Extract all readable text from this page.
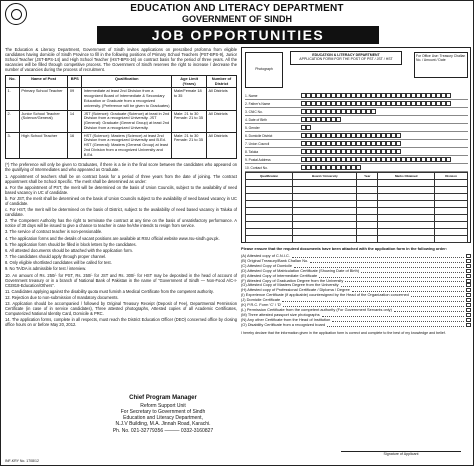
EDUCATION AND LITERACY DEPARTMENT
GOVERNMENT OF SINDH
JOB OPPORTUNITIES
The Education & Literacy Department, Government of Sindh invites applications on prescribed proforma from eligible candidates having domicile of Sindh Province to fill in the following positions of Primary School Teachers (PST-BPS-9), Junior School Teacher (JST-BPS-14) and High School Teacher (HST-BPS-16) on contract basis for the period of three years. All the vacancies will be filled through competitive process. The Government of Sindh reserves the right to increase / decrease the number of vacancies during the process of recruitment.
No.	Name of Post	BPS	Qualification	Age Limit (Years)	Number of District
1.	Primary School Teacher	09	Intermediate at least 2nd Division from a recognized Board of Intermediate & Secondary Education or Graduate from a recognized university. (Preference will be given to Graduates)	Male/Female 18 to 35	All Districts
2.	Junior School Teacher (Science/General)	14	JST (Science): Graduate (Science) at least in 2nd Division from a recognized University. JST (General): Graduate (General Group) at least 2nd Division from a recognized University.	Male: 21 to 30 Female: 21 to 35	All Districts
3.	High School Teacher	16	HST (Science): Masters (Science) at least 2nd Division from a recognized University and B.Ed. HST (General): Masters (General Group) at least 2nd Division from a recognized University and B.Ed.	Male: 21 to 30 Female: 21 to 35	All Districts
(*) The preference will only be given to Graduates, if there is a tie in the final score between the candidates who appeared on the qualifying of Intermediates and who appeared as Graduate.
1. Appointment of teachers shall be on contract basis for a period of three years from the date of joining. The contract appointment shall be School Specific. The merit shall be determined as under:
a. For the appointment of PST, the merit will be determined on the basis of Union Councils, subject to the availability of need based vacancy in UC of candidate.
b. For JST, the merit shall be determined on the basis of Union Councils subject to the availability of need based vacancy in UC of candidate.
c. For HST, the merit will be determined on the basis of District, subject to the availability of need based vacancy in Taluka of candidate.
2. The Competent Authority has the right to terminate the contract at any time on the basis of unsatisfactory performance. A notice of 30 days will be issued to give a chance to teacher in case he/she intends to resign from service.
3. The service of contract teacher is non-pensionable.
4. The application forms and the details of vacant positions are available at RSU official website www.rsu-sindh.gov.pk.
5. The application form should be filled in block letters by the candidates.
6. All attested documents should be attached with the application form.
7. The candidates should apply through proper channel.
8. Only eligible shortlisted candidates will be called for test.
9. No TA/DA is admissible for test / interview.
10. An amount of Rs. 250/- for PST, Rs. 250/- for JST and Rs. 300/- for HST may be deposited in the head of account of Government treasury or in a branch of National Bank of Pakistan in the name of "Government of Sindh — Non-Food A/C-I-C02818-Education/Others".
11. Candidates applying against the disability quota must furnish a Medical Certificate from the competent authority.
12. Rejection due to non-submission of mandatory documents.
13. Application should be accompanied / followed by Original Treasury Receipt (Deposit of Fee), Departmental Permission Certificate (in case of in service candidates), Three attested photographs, Attested copies of all Academic Certificates, Computerized National Identity Card, Domicile & PRC.
14. The application forms, complete in all respects, must reach the District Education Officer (DEO) concerned office by closing office hours on or before May 20, 2012.
Chief Program Manager
Reform Support Unit
For Secretary to Government of Sindh
Education and Literacy Department,
N.J.V Building, M.A. Jinnah Road, Karachi.
Ph. No. 021-32779356 ——— 0332-3160827
INF-KRY No. 1708/12
Photograph
EDUCATION & LITERACY DEPARTMENT
APPLICATION FORM FOR THE POST OF PST / JST / HST
For Office Use: Treasury Challan No. / Amount / Date
1. Name
2. Father's Name
3. CNIC No.
4. Date of Birth
5. Gender
6. Domicile District
7. Union Council
8. Taluka
9. Postal Address
10. Contact No.
Qualification	Board / University	Year	Marks Obtained	Division

Please ensure that the required documents have been attached with the application form in the following order:
(A) Attested copy of C.N.I.C.
(B) Original Treasury/Bank Challan No.
(C) Attested Copy of Domicile
(D) Attested Copy of Matriculation Certificate (Showing Date of Birth)
(E) Attested Copy of Intermediate Certificate
(F) Attested Copy of Graduation Degree from the University
(G) Attested Copy of Masters Degree from the University
(H) Attested copy of Professional Certificate / Diploma / Degree
(I) Experience Certificate (if applicable) countersigned by the Head of the Organization concerned
(J) Domicile Certificate
(K) P.R.C. Form 'C' / 'D'
(L) Permission Certificate from the competent authority (For Government Servants only)
(M) Three attested passport size photographs
(N) Any other Certificate from the Head of Institution
(O) Disability Certificate from a recognized board
I hereby declare that the information given in the application form is correct and complete to the best of my knowledge and belief.
Signature of Applicant
